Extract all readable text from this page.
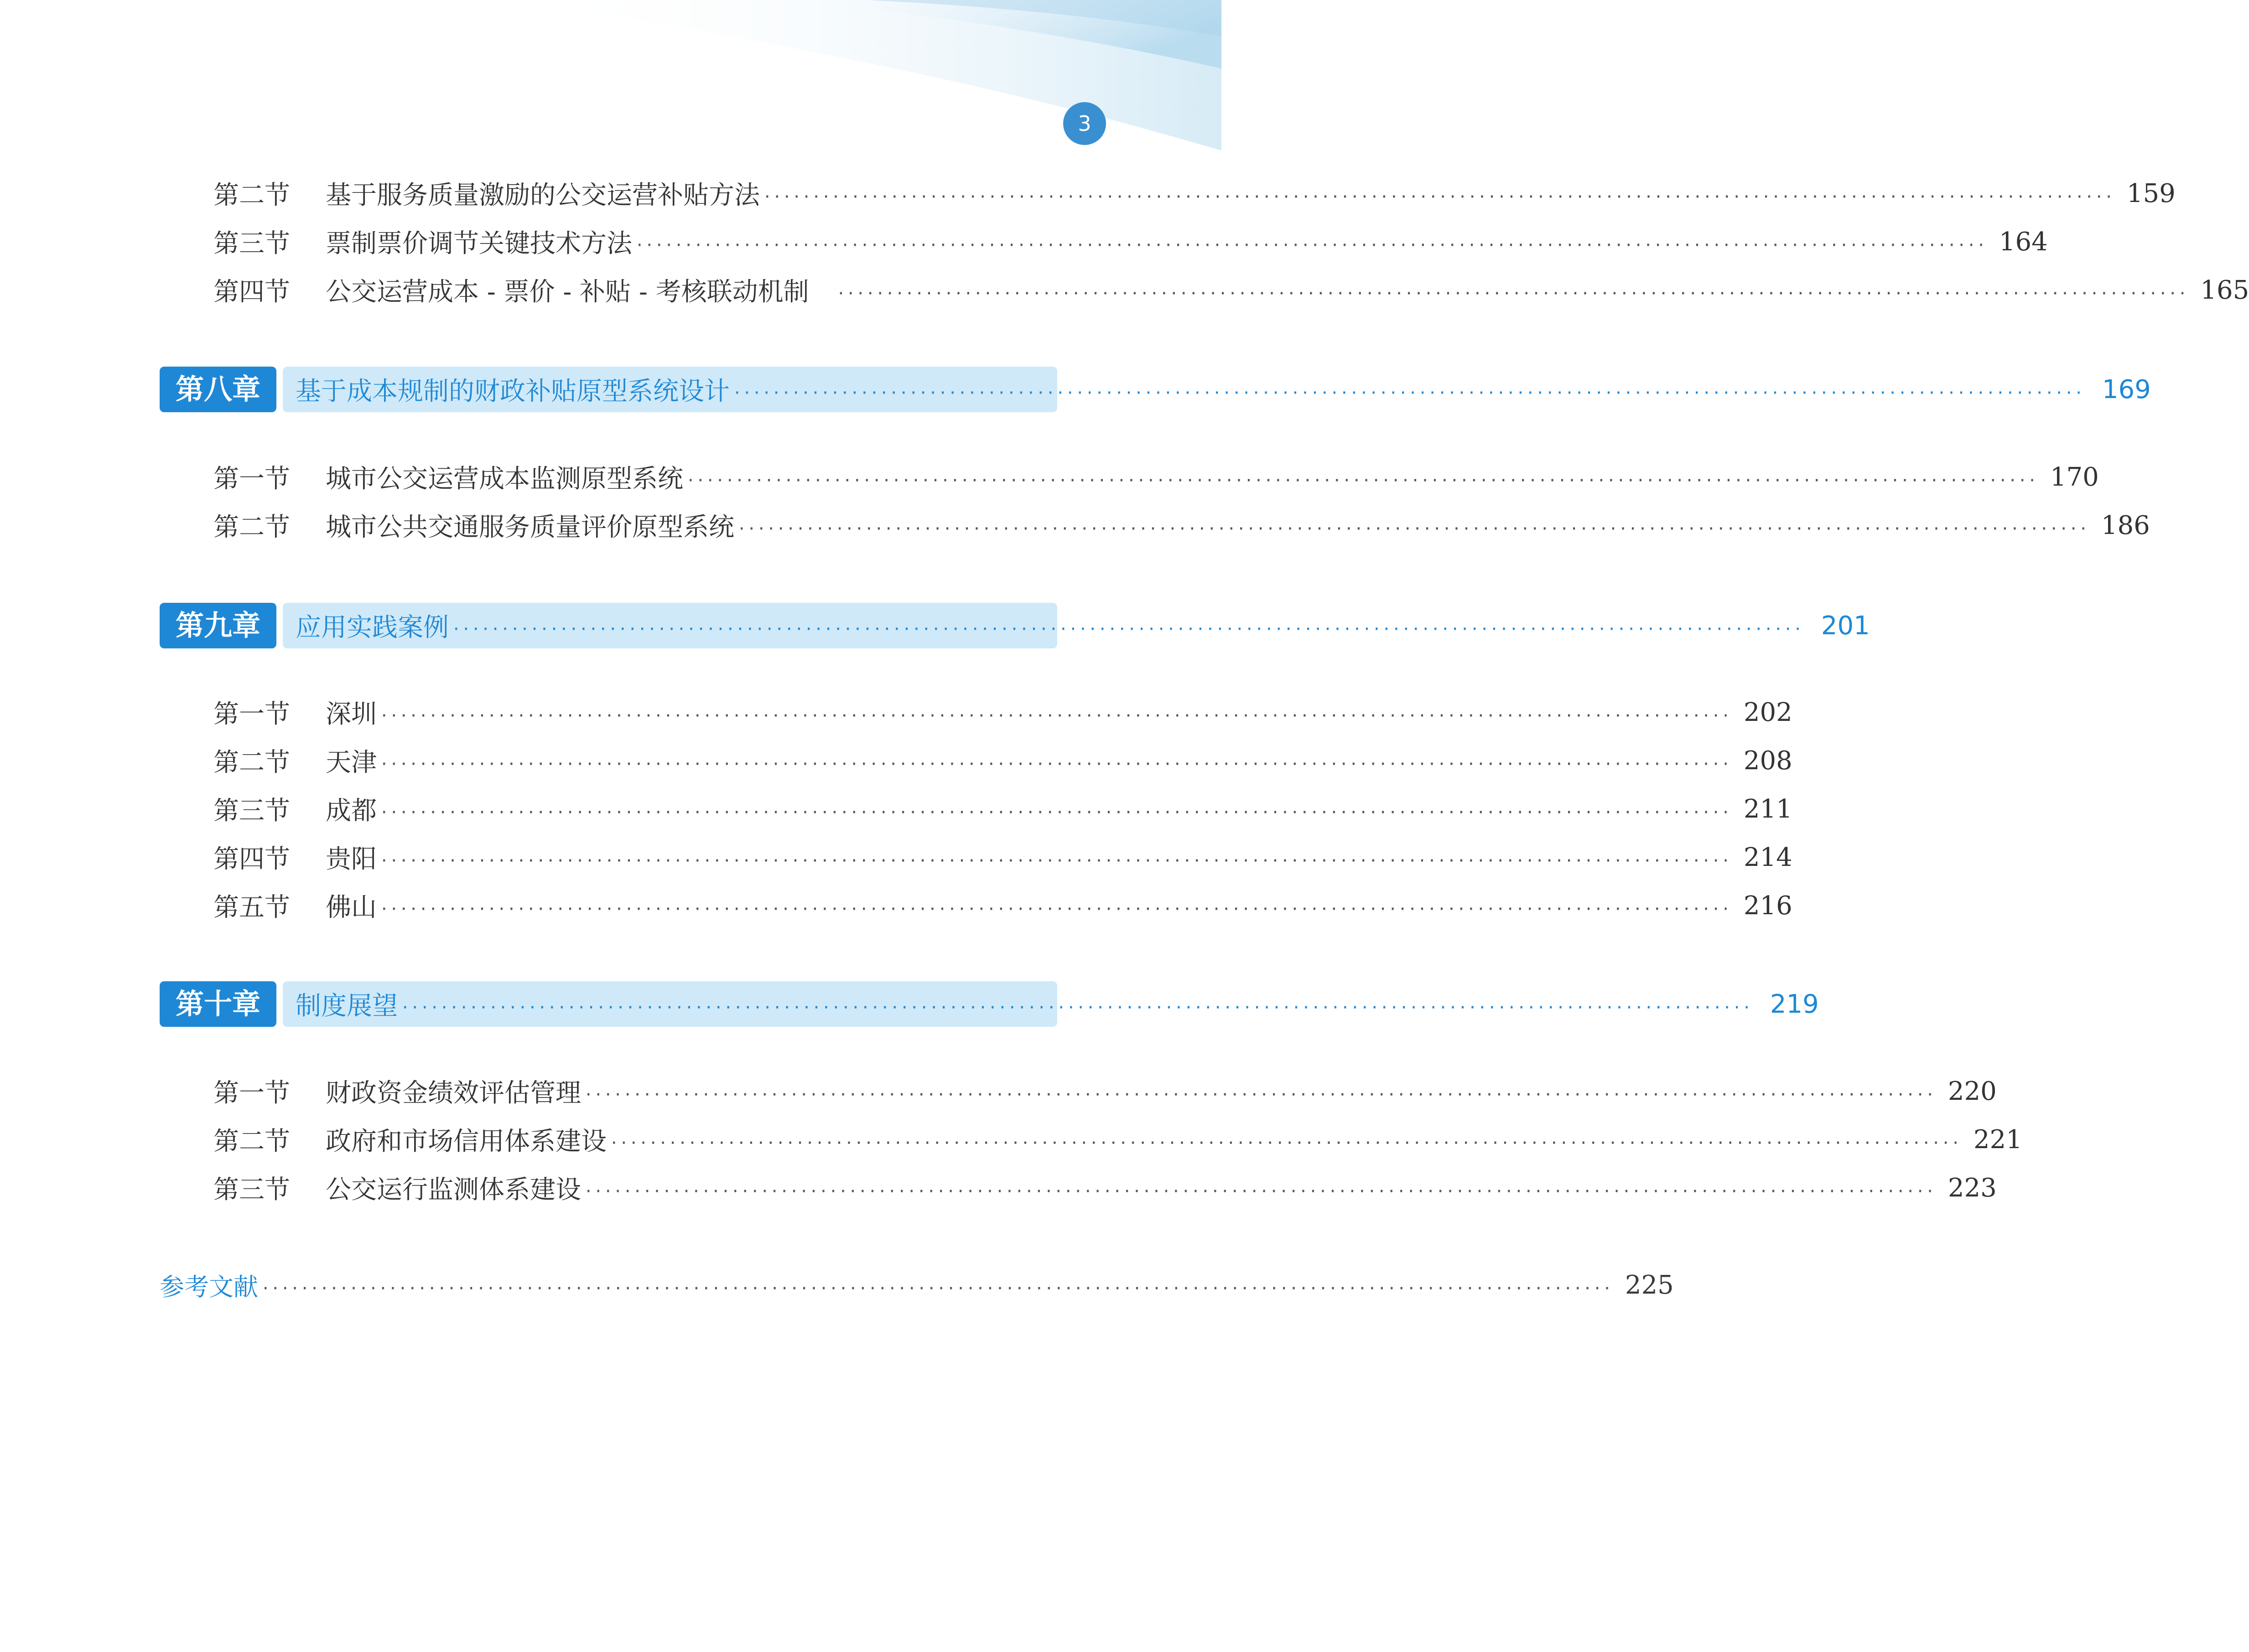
3
第二节	基于服务质量激励的公交运营补贴方法 ·········································································································································· 159
第三节	票制票价调节关键技术方法 ·········································································································································· 164
第四节	公交运营成本 - 票价 - 补贴 - 考核联动机制 ·········································································································································· 165
第八章	基于成本规制的财政补贴原型系统设计 ·········································································································································· 169
第一节	城市公交运营成本监测原型系统 ·········································································································································· 170
第二节	城市公共交通服务质量评价原型系统 ·········································································································································· 186
第九章	应用实践案例 ·········································································································································· 201
第一节	深圳 ·········································································································································· 202
第二节	天津 ·········································································································································· 208
第三节	成都 ·········································································································································· 211
第四节	贵阳 ·········································································································································· 214
第五节	佛山 ·········································································································································· 216
第十章	制度展望 ·········································································································································· 219
第一节	财政资金绩效评估管理 ·········································································································································· 220
第二节	政府和市场信用体系建设 ·········································································································································· 221
第三节	公交运行监测体系建设 ·········································································································································· 223
参考文献 ·········································································································································· 225
